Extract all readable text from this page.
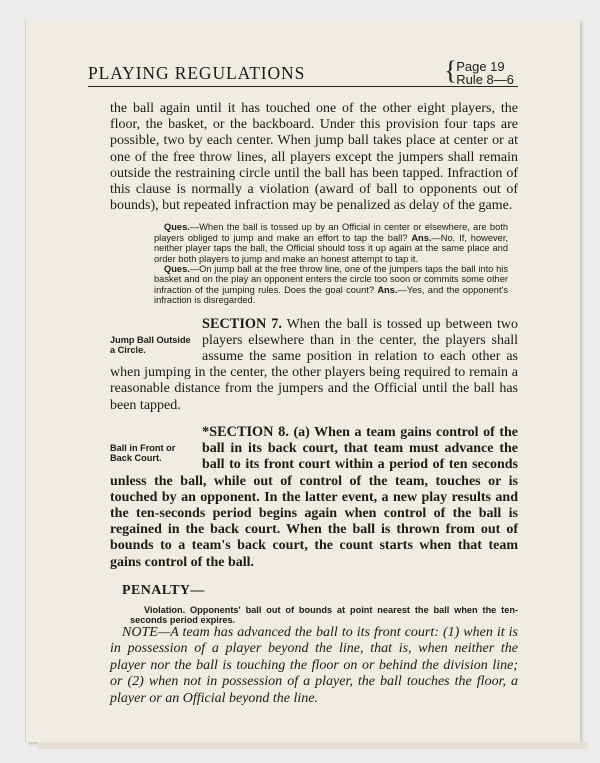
PLAYING REGULATIONS	{ Page 19
Rule 8—6

the ball again until it has touched one of the other eight players, the floor, the basket, or the backboard. Under this provision four taps are possible, two by each center. When jump ball takes place at center or at one of the free throw lines, all players except the jumpers shall remain outside the restraining circle until the ball has been tapped. Infraction of this clause is normally a violation (award of ball to opponents out of bounds), but repeated infraction may be penalized as delay of the game.

Ques.—When the ball is tossed up by an Official in center or elsewhere, are both players obliged to jump and make an effort to tap the ball? Ans.—No. If, however, neither player taps the ball, the Official should toss it up again at the same place and order both players to jump and make an honest attempt to tap it.

Ques.—On jump ball at the free throw line, one of the jumpers taps the ball into his basket and on the play an opponent enters the circle too soon or commits some other infraction of the jumping rules. Does the goal count? Ans.—Yes, and the opponent's infraction is disregarded.

Jump Ball Outside a Circle.

SECTION 7. When the ball is tossed up between two players elsewhere than in the center, the players shall assume the same position in relation to each other as when jumping in the center, the other players being required to remain a reasonable distance from the jumpers and the Official until the ball has been tapped.

Ball in Front or Back Court.

*SECTION 8. (a) When a team gains control of the ball in its back court, that team must advance the ball to its front court within a period of ten seconds unless the ball, while out of control of the team, touches or is touched by an opponent. In the latter event, a new play results and the ten-seconds period begins again when control of the ball is regained in the back court. When the ball is thrown from out of bounds to a team's back court, the count starts when that team gains control of the ball.

PENALTY—
Violation. Opponents' ball out of bounds at point nearest the ball when the ten-seconds period expires.

NOTE—A team has advanced the ball to its front court: (1) when it is in possession of a player beyond the line, that is, when neither the player nor the ball is touching the floor on or behind the division line; or (2) when not in possession of a player, the ball touches the floor, a player or an Official beyond the line.
